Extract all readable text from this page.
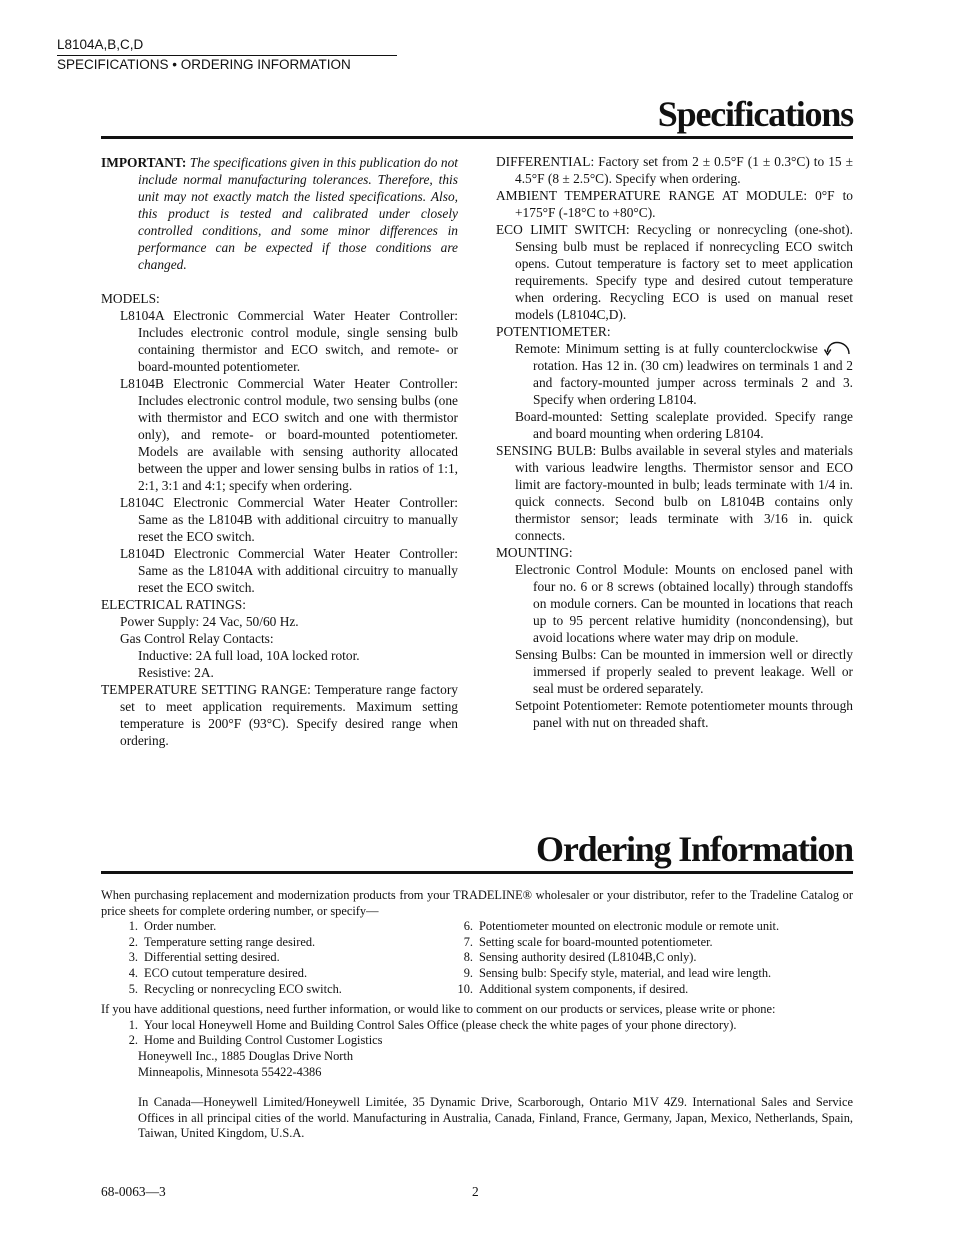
L8104A,B,C,D
SPECIFICATIONS • ORDERING INFORMATION
Specifications

IMPORTANT: The specifications given in this publication do not include normal manufacturing tolerances. Therefore, this unit may not exactly match the listed specifications. Also, this product is tested and calibrated under closely controlled conditions, and some minor differences in performance can be expected if those conditions are changed.

MODELS:

L8104A Electronic Commercial Water Heater Controller: Includes electronic control module, single sensing bulb containing thermistor and ECO switch, and remote- or board-mounted potentiometer.

L8104B Electronic Commercial Water Heater Controller: Includes electronic control module, two sensing bulbs (one with thermistor and ECO switch and one with thermistor only), and remote- or board-mounted potentiometer. Models are available with sensing authority allocated between the upper and lower sensing bulbs in ratios of 1:1, 2:1, 3:1 and 4:1; specify when ordering.

L8104C Electronic Commercial Water Heater Controller: Same as the L8104B with additional circuitry to manually reset the ECO switch.

L8104D Electronic Commercial Water Heater Controller: Same as the L8104A with additional circuitry to manually reset the ECO switch.

ELECTRICAL RATINGS:

Power Supply: 24 Vac, 50/60 Hz.

Gas Control Relay Contacts:

Inductive: 2A full load, 10A locked rotor.

Resistive: 2A.

TEMPERATURE SETTING RANGE: Temperature range factory set to meet application requirements. Maximum setting temperature is 200°F (93°C). Specify desired range when ordering.

DIFFERENTIAL: Factory set from 2 ± 0.5°F (1 ± 0.3°C) to 15 ± 4.5°F (8 ± 2.5°C). Specify when ordering.

AMBIENT TEMPERATURE RANGE AT MODULE: 0°F to +175°F (-18°C to +80°C).

ECO LIMIT SWITCH: Recycling or nonrecycling (one-shot). Sensing bulb must be replaced if nonrecycling ECO switch opens. Cutout temperature is factory set to meet application requirements. Specify type and desired cutout temperature when ordering. Recycling ECO is used on manual reset models (L8104C,D).

POTENTIOMETER:

Remote: Minimum setting is at fully counterclockwise  rotation. Has 12 in. (30 cm) leadwires on terminals 1 and 2 and factory-mounted jumper across terminals 2 and 3. Specify when ordering L8104.

Board-mounted: Setting scaleplate provided. Specify range and board mounting when ordering L8104.

SENSING BULB: Bulbs available in several styles and materials with various leadwire lengths. Thermistor sensor and ECO limit are factory-mounted in bulb; leads terminate with 1/4 in. quick connects. Second bulb on L8104B contains only thermistor sensor; leads terminate with 3/16 in. quick connects.

MOUNTING:

Electronic Control Module: Mounts on enclosed panel with four no. 6 or 8 screws (obtained locally) through standoffs on module corners. Can be mounted in locations that reach up to 95 percent relative humidity (noncondensing), but avoid locations where water may drip on module.

Sensing Bulbs: Can be mounted in immersion well or directly immersed if properly sealed to prevent leakage. Well or seal must be ordered separately.

Setpoint Potentiometer: Remote potentiometer mounts through panel with nut on threaded shaft.

Ordering Information

When purchasing replacement and modernization products from your TRADELINE® wholesaler or your distributor, refer to the Tradeline Catalog or price sheets for complete ordering number, or specify—

1. Order number.
2. Temperature setting range desired.
3. Differential setting desired.
4. ECO cutout temperature desired.
5. Recycling or nonrecycling ECO switch.
6. Potentiometer mounted on electronic module or remote unit.
7. Setting scale for board-mounted potentiometer.
8. Sensing authority desired (L8104B,C only).
9. Sensing bulb: Specify style, material, and lead wire length.
10. Additional system components, if desired.

If you have additional questions, need further information, or would like to comment on our products or services, please write or phone:

1. Your local Honeywell Home and Building Control Sales Office (please check the white pages of your phone directory).
2. Home and Building Control Customer Logistics

Honeywell Inc., 1885 Douglas Drive North

Minneapolis, Minnesota 55422-4386

In Canada—Honeywell Limited/Honeywell Limitée, 35 Dynamic Drive, Scarborough, Ontario M1V 4Z9. International Sales and Service Offices in all principal cities of the world. Manufacturing in Australia, Canada, Finland, France, Germany, Japan, Mexico, Netherlands, Spain, Taiwan, United Kingdom, U.S.A.

68-0063—3	2
